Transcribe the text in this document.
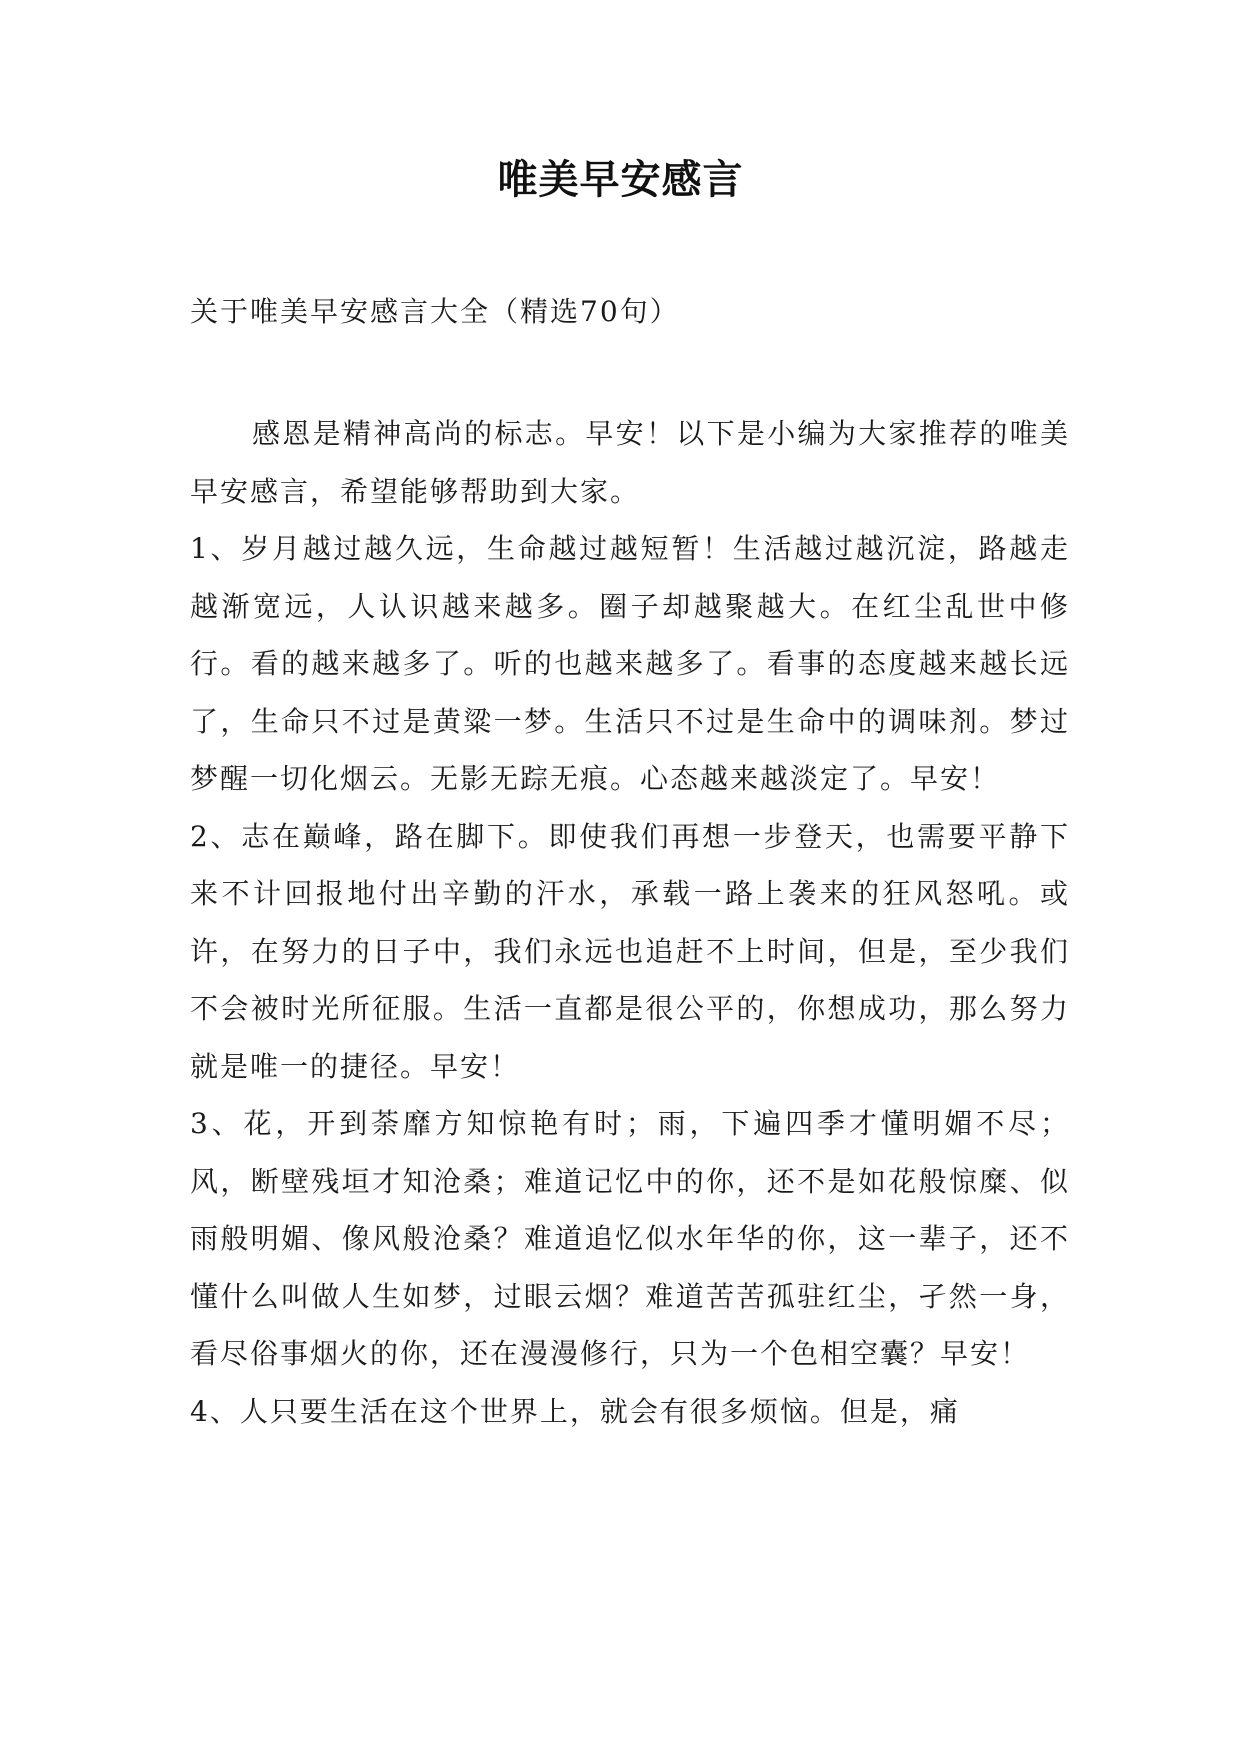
唯美早安感言
关于唯美早安感言大全（精选70句）

感恩是精神高尚的标志。早安！以下是小编为大家推荐的唯美早安感言，希望能够帮助到大家。

1、岁月越过越久远，生命越过越短暂！生活越过越沉淀，路越走越渐宽远，人认识越来越多。圈子却越聚越大。在红尘乱世中修行。看的越来越多了。听的也越来越多了。看事的态度越来越长远了，生命只不过是黄粱一梦。生活只不过是生命中的调味剂。梦过梦醒一切化烟云。无影无踪无痕。心态越来越淡定了。早安！

2、志在巅峰，路在脚下。即使我们再想一步登天，也需要平静下来不计回报地付出辛勤的汗水，承载一路上袭来的狂风怒吼。或许，在努力的日子中，我们永远也追赶不上时间，但是，至少我们不会被时光所征服。生活一直都是很公平的，你想成功，那么努力就是唯一的捷径。早安！

3、花，开到荼靡方知惊艳有时；雨，下遍四季才懂明媚不尽；风，断壁残垣才知沧桑；难道记忆中的你，还不是如花般惊糜、似雨般明媚、像风般沧桑？难道追忆似水年华的你，这一辈子，还不懂什么叫做人生如梦，过眼云烟？难道苦苦孤驻红尘，孑然一身，看尽俗事烟火的你，还在漫漫修行，只为一个色相空囊？早安！

4、人只要生活在这个世界上，就会有很多烦恼。但是，痛
